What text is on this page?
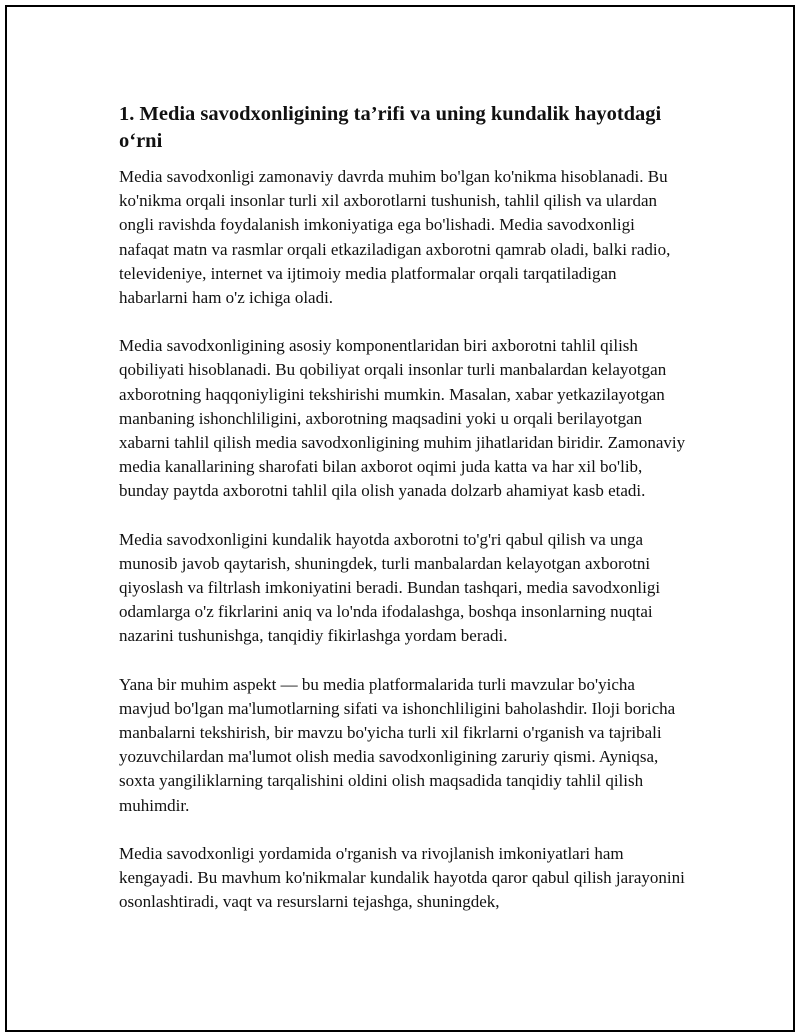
1. Media savodxonligining ta’rifi va uning kundalik hayotdagi o‘rni

Media savodxonligi zamonaviy davrda muhim bo'lgan ko'nikma hisoblanadi. Bu ko'nikma orqali insonlar turli xil axborotlarni tushunish, tahlil qilish va ulardan ongli ravishda foydalanish imkoniyatiga ega bo'lishadi. Media savodxonligi nafaqat matn va rasmlar orqali etkaziladigan axborotni qamrab oladi, balki radio, televideniye, internet va ijtimoiy media platformalar orqali tarqatiladigan habarlarni ham o'z ichiga oladi.

Media savodxonligining asosiy komponentlaridan biri axborotni tahlil qilish qobiliyati hisoblanadi. Bu qobiliyat orqali insonlar turli manbalardan kelayotgan axborotning haqqoniyligini tekshirishi mumkin. Masalan, xabar yetkazilayotgan manbaning ishonchliligini, axborotning maqsadini yoki u orqali berilayotgan xabarni tahlil qilish media savodxonligining muhim jihatlaridan biridir. Zamonaviy media kanallarining sharofati bilan axborot oqimi juda katta va har xil bo'lib, bunday paytda axborotni tahlil qila olish yanada dolzarb ahamiyat kasb etadi.

Media savodxonligini kundalik hayotda axborotni to'g'ri qabul qilish va unga munosib javob qaytarish, shuningdek, turli manbalardan kelayotgan axborotni qiyoslash va filtrlash imkoniyatini beradi. Bundan tashqari, media savodxonligi odamlarga o'z fikrlarini aniq va lo'nda ifodalashga, boshqa insonlarning nuqtai nazarini tushunishga, tanqidiy fikirlashga yordam beradi.

Yana bir muhim aspekt — bu media platformalarida turli mavzular bo'yicha mavjud bo'lgan ma'lumotlarning sifati va ishonchliligini baholashdir. Iloji boricha manbalarni tekshirish, bir mavzu bo'yicha turli xil fikrlarni o'rganish va tajribali yozuvchilardan ma'lumot olish media savodxonligining zaruriy qismi. Ayniqsa, soxta yangiliklarning tarqalishini oldini olish maqsadida tanqidiy tahlil qilish muhimdir.

Media savodxonligi yordamida o'rganish va rivojlanish imkoniyatlari ham kengayadi. Bu mavhum ko'nikmalar kundalik hayotda qaror qabul qilish jarayonini osonlashtiradi, vaqt va resurslarni tejashga, shuningdek,
